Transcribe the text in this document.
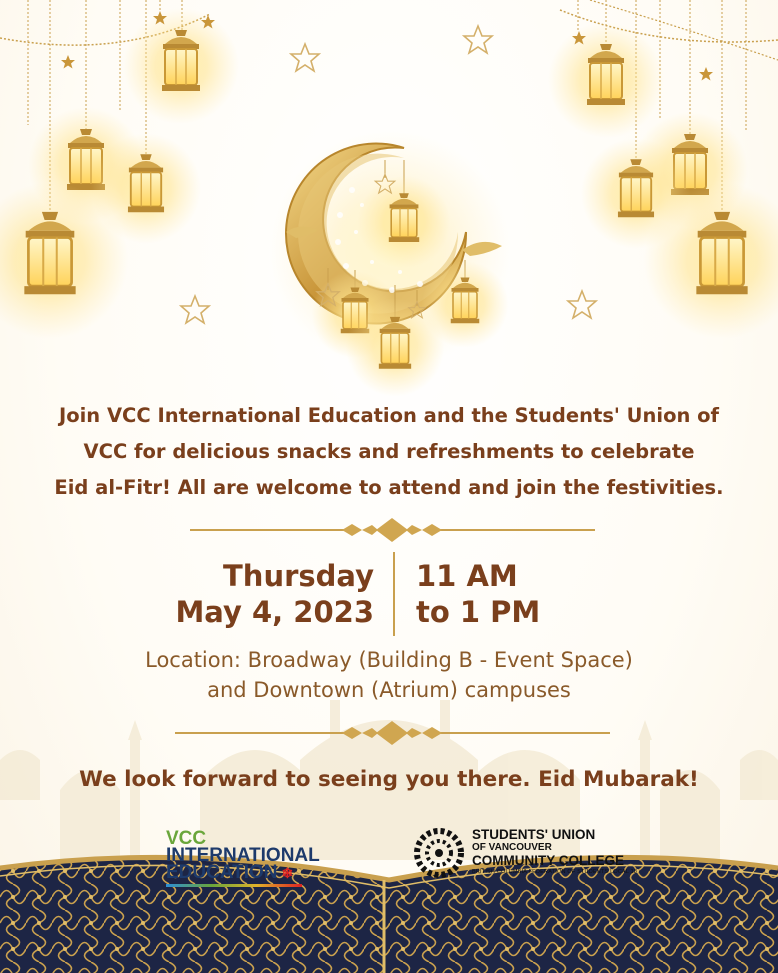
Join VCC International Education and the Students' Union of
VCC for delicious snacks and refreshments to celebrate
Eid al-Fitr! All are welcome to attend and join the festivities.
Thursday
May 4, 2023
11 AM
to 1 PM
Location: Broadway (Building B - Event Space)
and Downtown (Atrium) campuses
We look forward to seeing you there. Eid Mubarak!
VCC
INTERNATIONAL
EDUCATION ❄
STUDENTS' UNION
OF VANCOUVER
COMMUNITY COLLEGE
BRITISH COLUMBIA FEDERATION OF STUDENTS LOCAL 18
